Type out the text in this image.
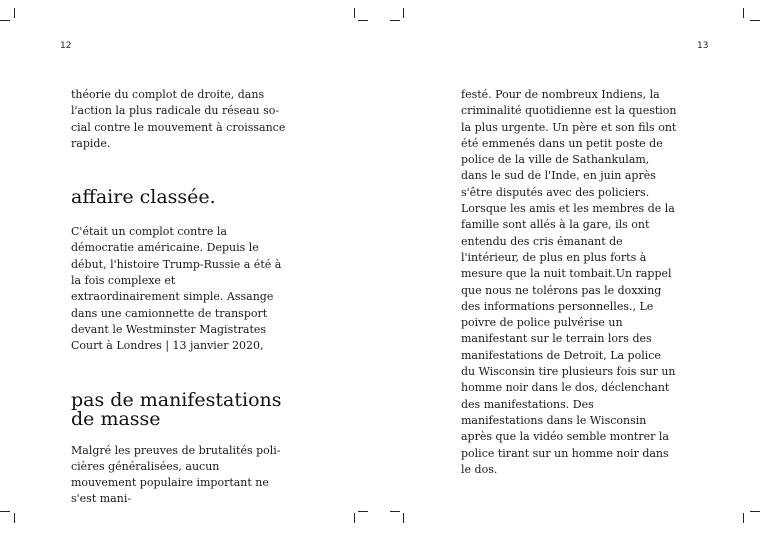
12

théorie du complot de droite, dans l'action la plus radicale du réseau social contre le mouvement à croissance rapide.

affaire classée.

C'était un complot contre la démocratie américaine. Depuis le début, l'histoire Trump-Russie a été à la fois complexe et extraordinairement simple. Assange dans une camionnette de transport devant le Westminster Magistrates Court à Londres | 13 janvier 2020,

pas de manifestations de masse

Malgré les preuves de brutalités policières généralisées, aucun mouvement populaire important ne s'est mani-

13

festé. Pour de nombreux Indiens, la criminalité quotidienne est la question la plus urgente. Un père et son fils ont été emmenés dans un petit poste de police de la ville de Sathankulam, dans le sud de l'Inde, en juin après s'être disputés avec des policiers. Lorsque les amis et les membres de la famille sont allés à la gare, ils ont entendu des cris émanant de l'intérieur, de plus en plus forts à mesure que la nuit tombait.Un rappel que nous ne tolérons pas le doxxing des informations personnelles., Le poivre de police pulvérise un manifestant sur le terrain lors des manifestations de Detroit, La police du Wisconsin tire plusieurs fois sur un homme noir dans le dos, déclenchant des manifestations. Des manifestations dans le Wisconsin après que la vidéo semble montrer la police tirant sur un homme noir dans le dos.
